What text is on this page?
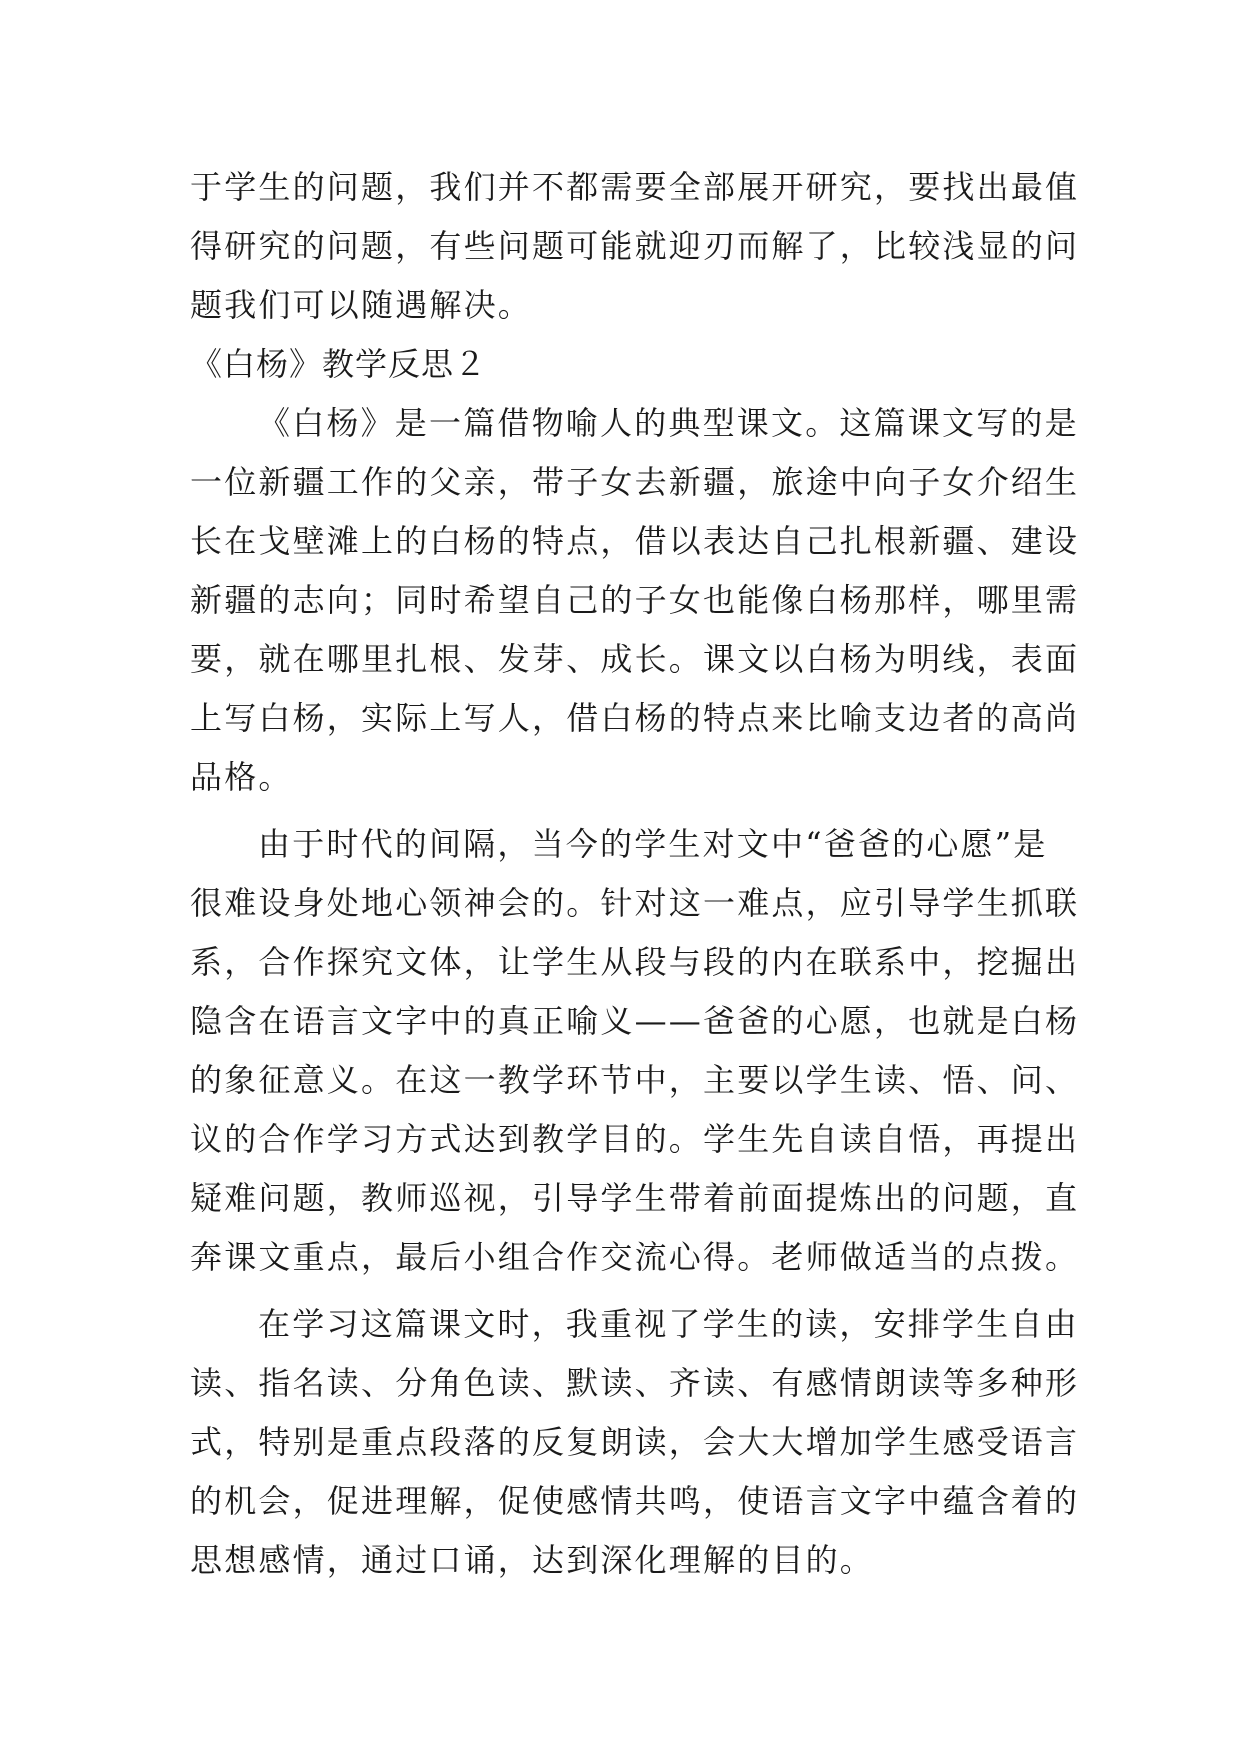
于学生的问题，我们并不都需要全部展开研究，要找出最值
得研究的问题，有些问题可能就迎刃而解了，比较浅显的问
题我们可以随遇解决。
《白杨》教学反思２
《白杨》是一篇借物喻人的典型课文。这篇课文写的是
一位新疆工作的父亲，带子女去新疆，旅途中向子女介绍生
长在戈壁滩上的白杨的特点，借以表达自己扎根新疆、建设
新疆的志向；同时希望自己的子女也能像白杨那样，哪里需
要，就在哪里扎根、发芽、成长。课文以白杨为明线，表面
上写白杨，实际上写人，借白杨的特点来比喻支边者的高尚
品格。
由于时代的间隔，当今的学生对文中“爸爸的心愿”是
很难设身处地心领神会的。针对这一难点，应引导学生抓联
系，合作探究文体，让学生从段与段的内在联系中，挖掘出
隐含在语言文字中的真正喻义——爸爸的心愿，也就是白杨
的象征意义。在这一教学环节中，主要以学生读、悟、问、
议的合作学习方式达到教学目的。学生先自读自悟，再提出
疑难问题，教师巡视，引导学生带着前面提炼出的问题，直
奔课文重点，最后小组合作交流心得。老师做适当的点拨。
在学习这篇课文时，我重视了学生的读，安排学生自由
读、指名读、分角色读、默读、齐读、有感情朗读等多种形
式，特别是重点段落的反复朗读，会大大增加学生感受语言
的机会，促进理解，促使感情共鸣，使语言文字中蕴含着的
思想感情，通过口诵，达到深化理解的目的。
